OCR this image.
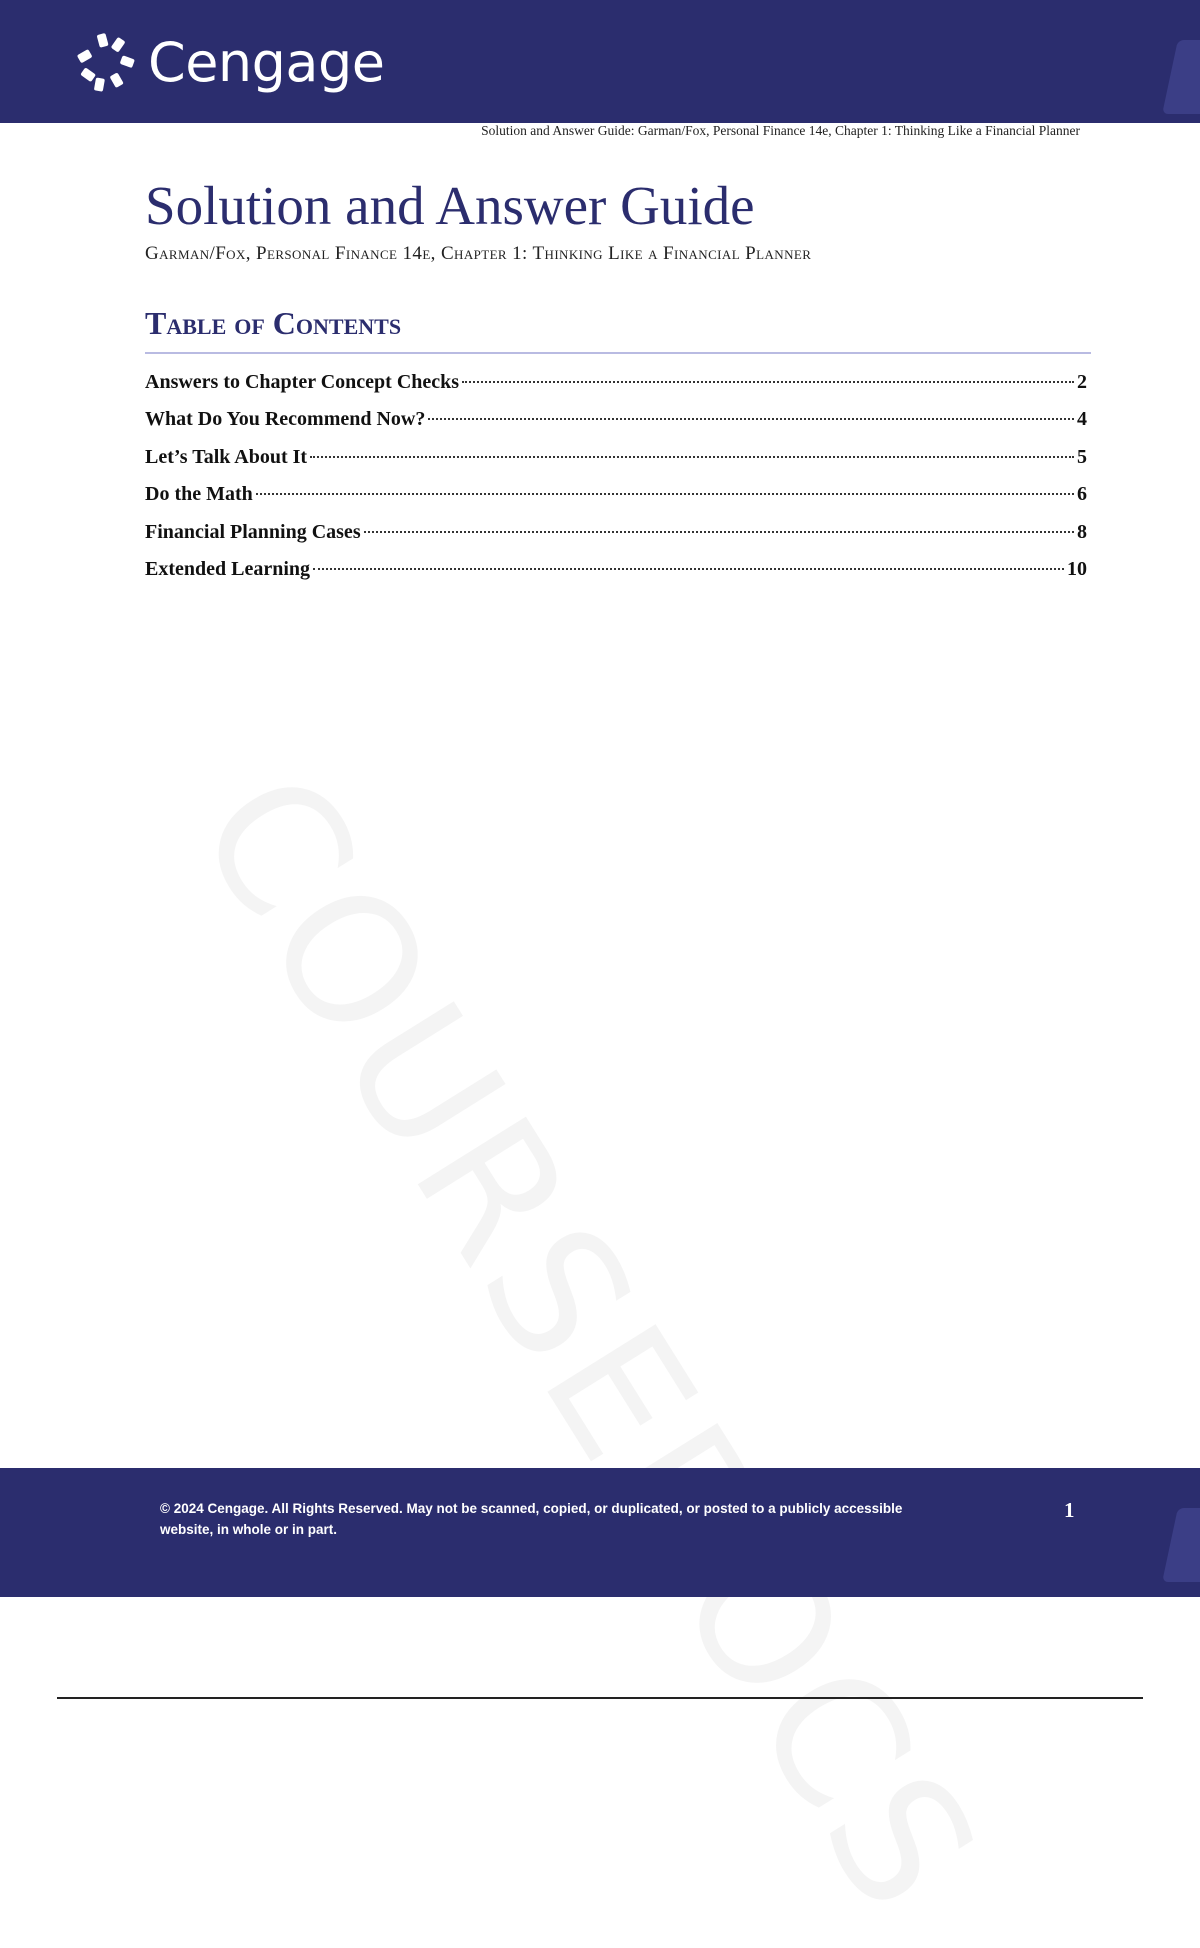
Cengage
Solution and Answer Guide: Garman/Fox, Personal Finance 14e, Chapter 1: Thinking Like a Financial Planner
Solution and Answer Guide
Garman/Fox, Personal Finance 14e, Chapter 1: Thinking Like a Financial Planner
Table of Contents
Answers to Chapter Concept Checks	2
What Do You Recommend Now?	4
Let’s Talk About It	5
Do the Math	6
Financial Planning Cases	8
Extended Learning	10
© 2024 Cengage. All Rights Reserved. May not be scanned, copied, or duplicated, or posted to a publicly accessible website, in whole or in part.
1
